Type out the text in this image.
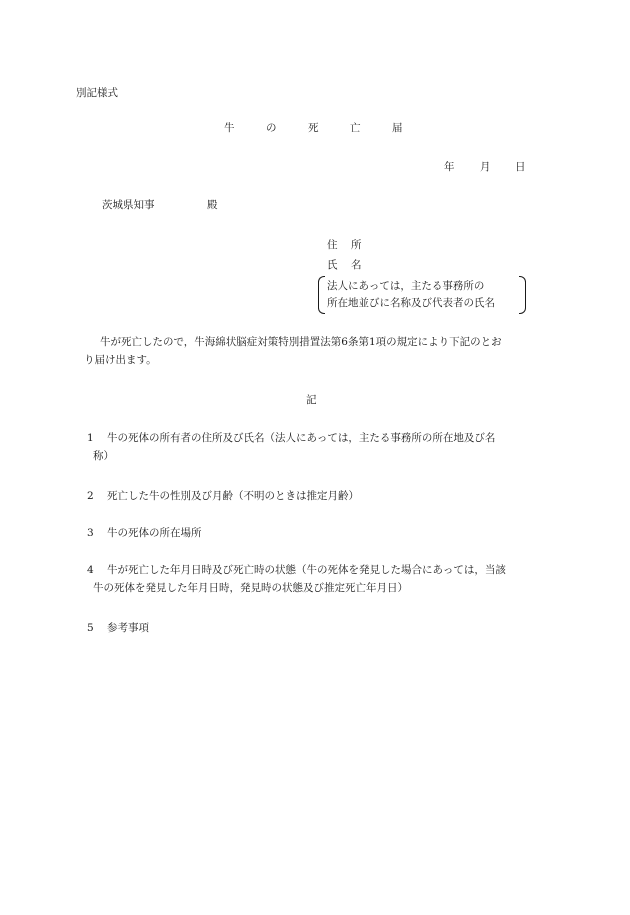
別記様式
牛	の	死	亡	届
年 月 日
茨城県知事	殿
住 所
氏 名
法人にあっては，主たる事務所の
所在地並びに名称及び代表者の氏名
牛が死亡したので，牛海綿状脳症対策特別措置法第6条第1項の規定により下記のとお
り届け出ます。
記
1 牛の死体の所有者の住所及び氏名（法人にあっては，主たる事務所の所在地及び名
称）
2 死亡した牛の性別及び月齢（不明のときは推定月齢）
3 牛の死体の所在場所
4 牛が死亡した年月日時及び死亡時の状態（牛の死体を発見した場合にあっては，当該
牛の死体を発見した年月日時，発見時の状態及び推定死亡年月日）
5 参考事項
